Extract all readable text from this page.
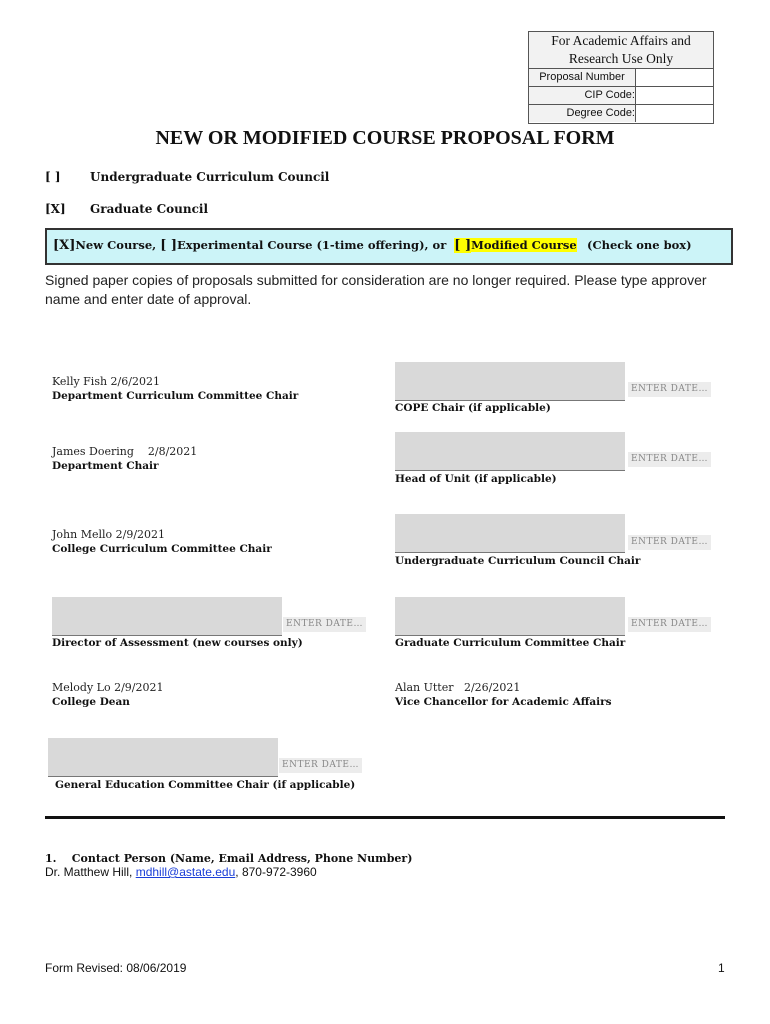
For Academic Affairs and Research Use Only
Proposal Number
CIP Code:
Degree Code:
NEW OR MODIFIED COURSE PROPOSAL FORM
[ ] Undergraduate Curriculum Council
[X] Graduate Council
[X]New Course, [ ]Experimental Course (1-time offering), or [ ]Modified Course (Check one box)
Signed paper copies of proposals submitted for consideration are no longer required. Please type approver name and enter date of approval.
Kelly Fish 2/6/2021
Department Curriculum Committee Chair
ENTER DATE…
COPE Chair (if applicable)
James Doering    2/8/2021
Department Chair
ENTER DATE…
Head of Unit (if applicable)
John Mello 2/9/2021
College Curriculum Committee Chair
ENTER DATE…
Undergraduate Curriculum Council Chair
ENTER DATE…
Director of Assessment (new courses only)
ENTER DATE…
Graduate Curriculum Committee Chair
Melody Lo 2/9/2021
College Dean
Alan Utter   2/26/2021
Vice Chancellor for Academic Affairs
ENTER DATE…
General Education Committee Chair (if applicable)
1.    Contact Person (Name, Email Address, Phone Number)
Dr. Matthew Hill, mdhill@astate.edu, 870-972-3960
Form Revised: 08/06/2019	1
